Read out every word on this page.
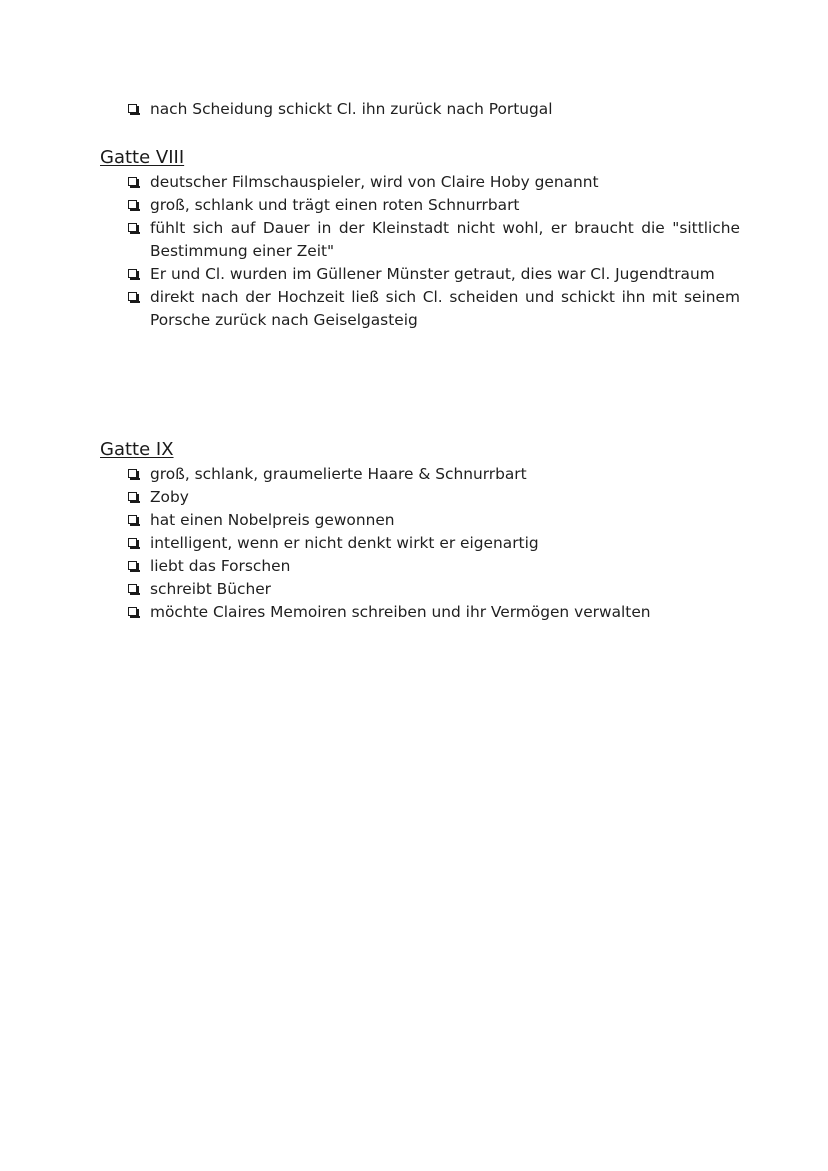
nach Scheidung schickt Cl. ihn zurück nach Portugal
Gatte VIII
deutscher Filmschauspieler, wird von Claire Hoby genannt
groß, schlank und trägt einen roten Schnurrbart
fühlt sich auf Dauer in der Kleinstadt nicht wohl, er braucht die "sittliche Bestimmung einer Zeit"
Er und Cl. wurden im Güllener Münster getraut, dies war Cl. Jugendtraum
direkt nach der Hochzeit ließ sich Cl. scheiden und schickt ihn mit seinem Porsche zurück nach Geiselgasteig
Gatte IX
groß, schlank, graumelierte Haare & Schnurrbart
Zoby
hat einen Nobelpreis gewonnen
intelligent, wenn er nicht denkt wirkt er eigenartig
liebt das Forschen
schreibt Bücher
möchte Claires Memoiren schreiben und ihr Vermögen verwalten
